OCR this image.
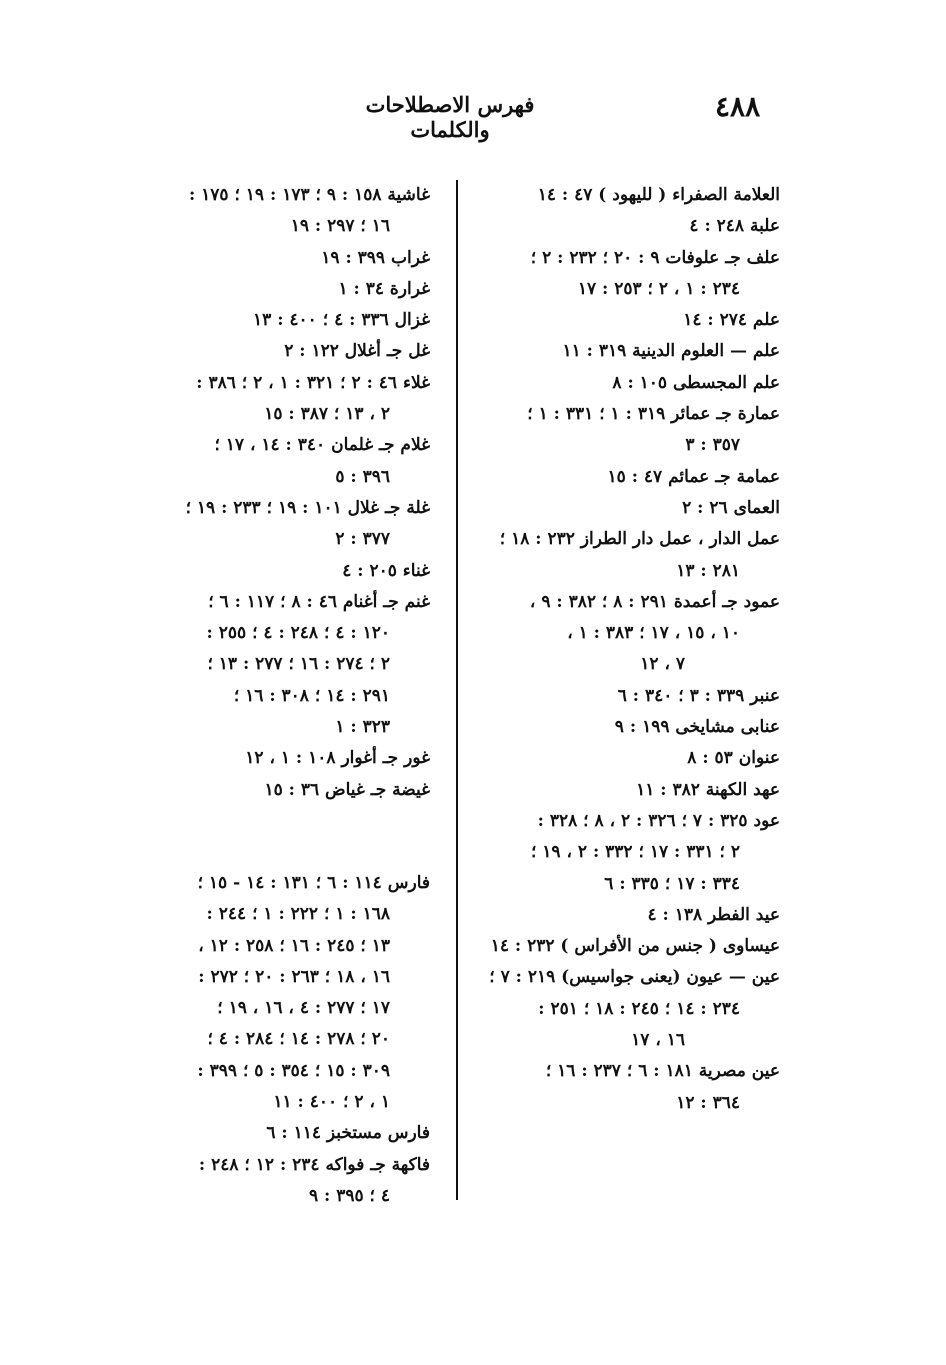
٤٨٨
فهرس الاصطلاحات والكلمات
العلامة الصفراء ( لليهود ) ٤٧ : ١٤
علبة ٢٤٨ : ٤
علف جـ علوفات ٩ : ٢٠ ؛ ٢٣٢ : ٢ ؛
٢٣٤ : ١ ، ٢ ؛ ٢٥٣ : ١٧
علم ٢٧٤ : ١٤
علم — العلوم الدينية ٣١٩ : ١١
علم المجسطى ١٠٥ : ٨
عمارة جـ عمائر ٣١٩ : ١ ؛ ٣٣١ : ١ ؛
٣٥٧ : ٣
عمامة جـ عمائم ٤٧ : ١٥
العماى ٢٦ : ٢
عمل الدار ، عمل دار الطراز ٢٣٢ : ١٨ ؛
٢٨١ : ١٣
عمود جـ أعمدة ٢٩١ : ٨ ؛ ٣٨٢ : ٩ ،
١٠ ، ١٥ ، ١٧ ؛ ٣٨٣ : ١ ،
٧ ، ١٢
عنبر ٣٣٩ : ٣ ؛ ٣٤٠ : ٦
عنابى مشايخى ١٩٩ : ٩
عنوان ٥٣ : ٨
عهد الكهنة ٣٨٢ : ١١
عود ٣٢٥ : ٧ ؛ ٣٢٦ : ٢ ، ٨ ؛ ٣٢٨ :
٢ ؛ ٣٣١ : ١٧ ؛ ٣٣٢ : ٢ ، ١٩ ؛
٣٣٤ : ١٧ ؛ ٣٣٥ : ٦
عيد الفطر ١٣٨ : ٤
عيساوى ( جنس من الأفراس ) ٢٣٢ : ١٤
عين — عيون (يعنى جواسيس) ٢١٩ : ٧ ؛
٢٣٤ : ١٤ ؛ ٢٤٥ : ١٨ ؛ ٢٥١ :
١٦ ، ١٧
عين مصرية ١٨١ : ٦ ؛ ٢٣٧ : ١٦ ؛
٣٦٤ : ١٢
غاشية ١٥٨ : ٩ ؛ ١٧٣ : ١٩ ؛ ١٧٥ :
١٦ ؛ ٢٩٧ : ١٩
غراب ٣٩٩ : ١٩
غرارة ٣٤ : ١
غزال ٣٣٦ : ٤ ؛ ٤٠٠ : ١٣
غل جـ أغلال ١٢٢ : ٢
غلاء ٤٦ : ٢ ؛ ٣٢١ : ١ ، ٢ ؛ ٣٨٦ :
٢ ، ١٣ ؛ ٣٨٧ : ١٥
غلام جـ غلمان ٣٤٠ : ١٤ ، ١٧ ؛
٣٩٦ : ٥
غلة جـ غلال ١٠١ : ١٩ ؛ ٢٣٣ : ١٩ ؛
٣٧٧ : ٢
غناء ٢٠٥ : ٤
غنم جـ أغنام ٤٦ : ٨ ؛ ١١٧ : ٦ ؛
١٢٠ : ٤ ؛ ٢٤٨ : ٤ ؛ ٢٥٥ :
٢ ؛ ٢٧٤ : ١٦ ؛ ٢٧٧ : ١٣ ؛
٢٩١ : ١٤ ؛ ٣٠٨ : ١٦ ؛
٣٢٣ : ١
غور جـ أغوار ١٠٨ : ١ ، ١٢
غيضة جـ غياض ٣٦ : ١٥
فارس ١١٤ : ٦ ؛ ١٣١ : ١٤ - ١٥ ؛
١٦٨ : ١ ؛ ٢٢٢ : ١ ؛ ٢٤٤ :
١٣ ؛ ٢٤٥ : ١٦ ؛ ٢٥٨ : ١٢ ،
١٦ ، ١٨ ؛ ٢٦٣ : ٢٠ ؛ ٢٧٢ :
١٧ ؛ ٢٧٧ : ٤ ، ١٦ ، ١٩ ؛
٢٠ ؛ ٢٧٨ : ١٤ ؛ ٢٨٤ : ٤ ؛
٣٠٩ : ١٥ ؛ ٣٥٤ : ٥ ؛ ٣٩٩ :
١ ، ٢ ؛ ٤٠٠ : ١١
فارس مستخبز ١١٤ : ٦
فاكهة جـ فواكه ٢٣٤ : ١٢ ؛ ٢٤٨ :
٤ ؛ ٣٩٥ : ٩
